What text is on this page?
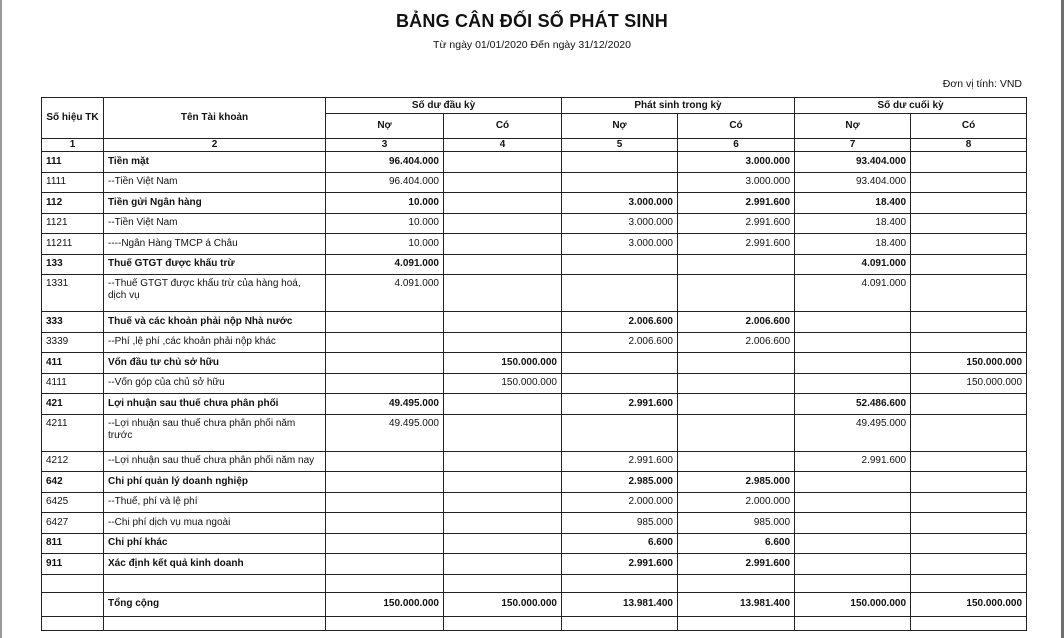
BẢNG CÂN ĐỐI SỐ PHÁT SINH
Từ ngày 01/01/2020 Đến ngày 31/12/2020
Đơn vị tính: VND
Số hiệu TK	Tên Tài khoản	Số dư đầu kỳ		Phát sinh trong kỳ		Số dư cuối kỳ	
		Nợ	Có	Nợ	Có	Nợ	Có
1	2	3	4	5	6	7	8
111	Tiền mặt	96.404.000			3.000.000	93.404.000	
1111	--Tiền Việt Nam	96.404.000			3.000.000	93.404.000	
112	Tiền gửi Ngân hàng	10.000		3.000.000	2.991.600	18.400	
1121	--Tiền Việt Nam	10.000		3.000.000	2.991.600	18.400	
11211	----Ngân Hàng TMCP á Châu	10.000		3.000.000	2.991.600	18.400	
133	Thuế GTGT được khấu trừ	4.091.000				4.091.000	
1331	--Thuế GTGT được khấu trừ của hàng hoá, dịch vụ	4.091.000				4.091.000	
333	Thuế và các khoản phải nộp Nhà nước			2.006.600	2.006.600		
3339	--Phí ,lệ phí ,các khoản phải nộp khác			2.006.600	2.006.600		
411	Vốn đầu tư chủ sở hữu		150.000.000				150.000.000
4111	--Vốn góp của chủ sở hữu		150.000.000				150.000.000
421	Lợi nhuận sau thuế chưa phân phối	49.495.000		2.991.600		52.486.600	
4211	--Lợi nhuận sau thuế chưa phân phối năm trước	49.495.000				49.495.000	
4212	--Lợi nhuận sau thuế chưa phân phối năm nay			2.991.600		2.991.600	
642	Chi phí quản lý doanh nghiệp			2.985.000	2.985.000		
6425	--Thuế, phí và lệ phí			2.000.000	2.000.000		
6427	--Chi phí dịch vụ mua ngoài			985.000	985.000		
811	Chi phí khác			6.600	6.600		
911	Xác định kết quả kinh doanh			2.991.600	2.991.600		

	Tổng cộng	150.000.000	150.000.000	13.981.400	13.981.400	150.000.000	150.000.000
